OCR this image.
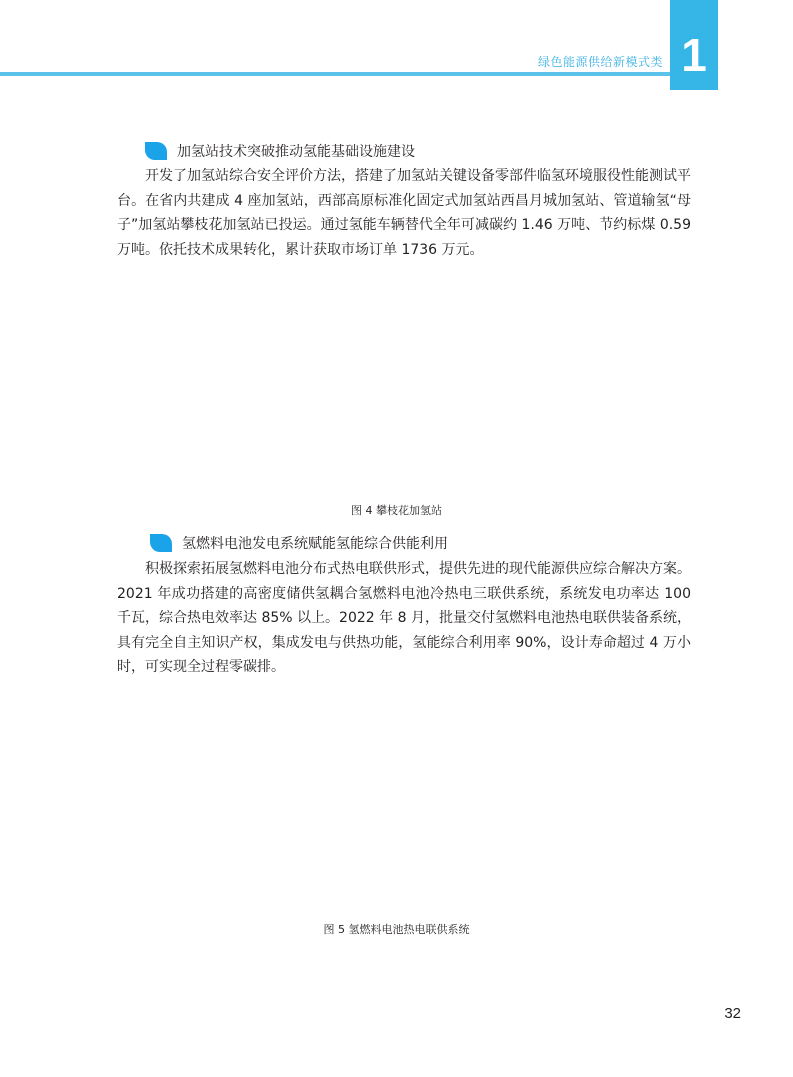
1
绿色能源供给新模式类
加氢站技术突破推动氢能基础设施建设

开发了加氢站综合安全评价方法，搭建了加氢站关键设备零部件临氢环境服役性能测试平台。在省内共建成 4 座加氢站，西部高原标准化固定式加氢站西昌月城加氢站、管道输氢“母子”加氢站攀枝花加氢站已投运。通过氢能车辆替代全年可减碳约 1.46 万吨、节约标煤 0.59 万吨。依托技术成果转化，累计获取市场订单 1736 万元。

图 4 攀枝花加氢站
氢燃料电池发电系统赋能氢能综合供能利用

积极探索拓展氢燃料电池分布式热电联供形式，提供先进的现代能源供应综合解决方案。2021 年成功搭建的高密度储供氢耦合氢燃料电池冷热电三联供系统，系统发电功率达 100 千瓦，综合热电效率达 85% 以上。2022 年 8 月，批量交付氢燃料电池热电联供装备系统，具有完全自主知识产权，集成发电与供热功能，氢能综合利用率 90%，设计寿命超过 4 万小时，可实现全过程零碳排。

图 5 氢燃料电池热电联供系统
32
